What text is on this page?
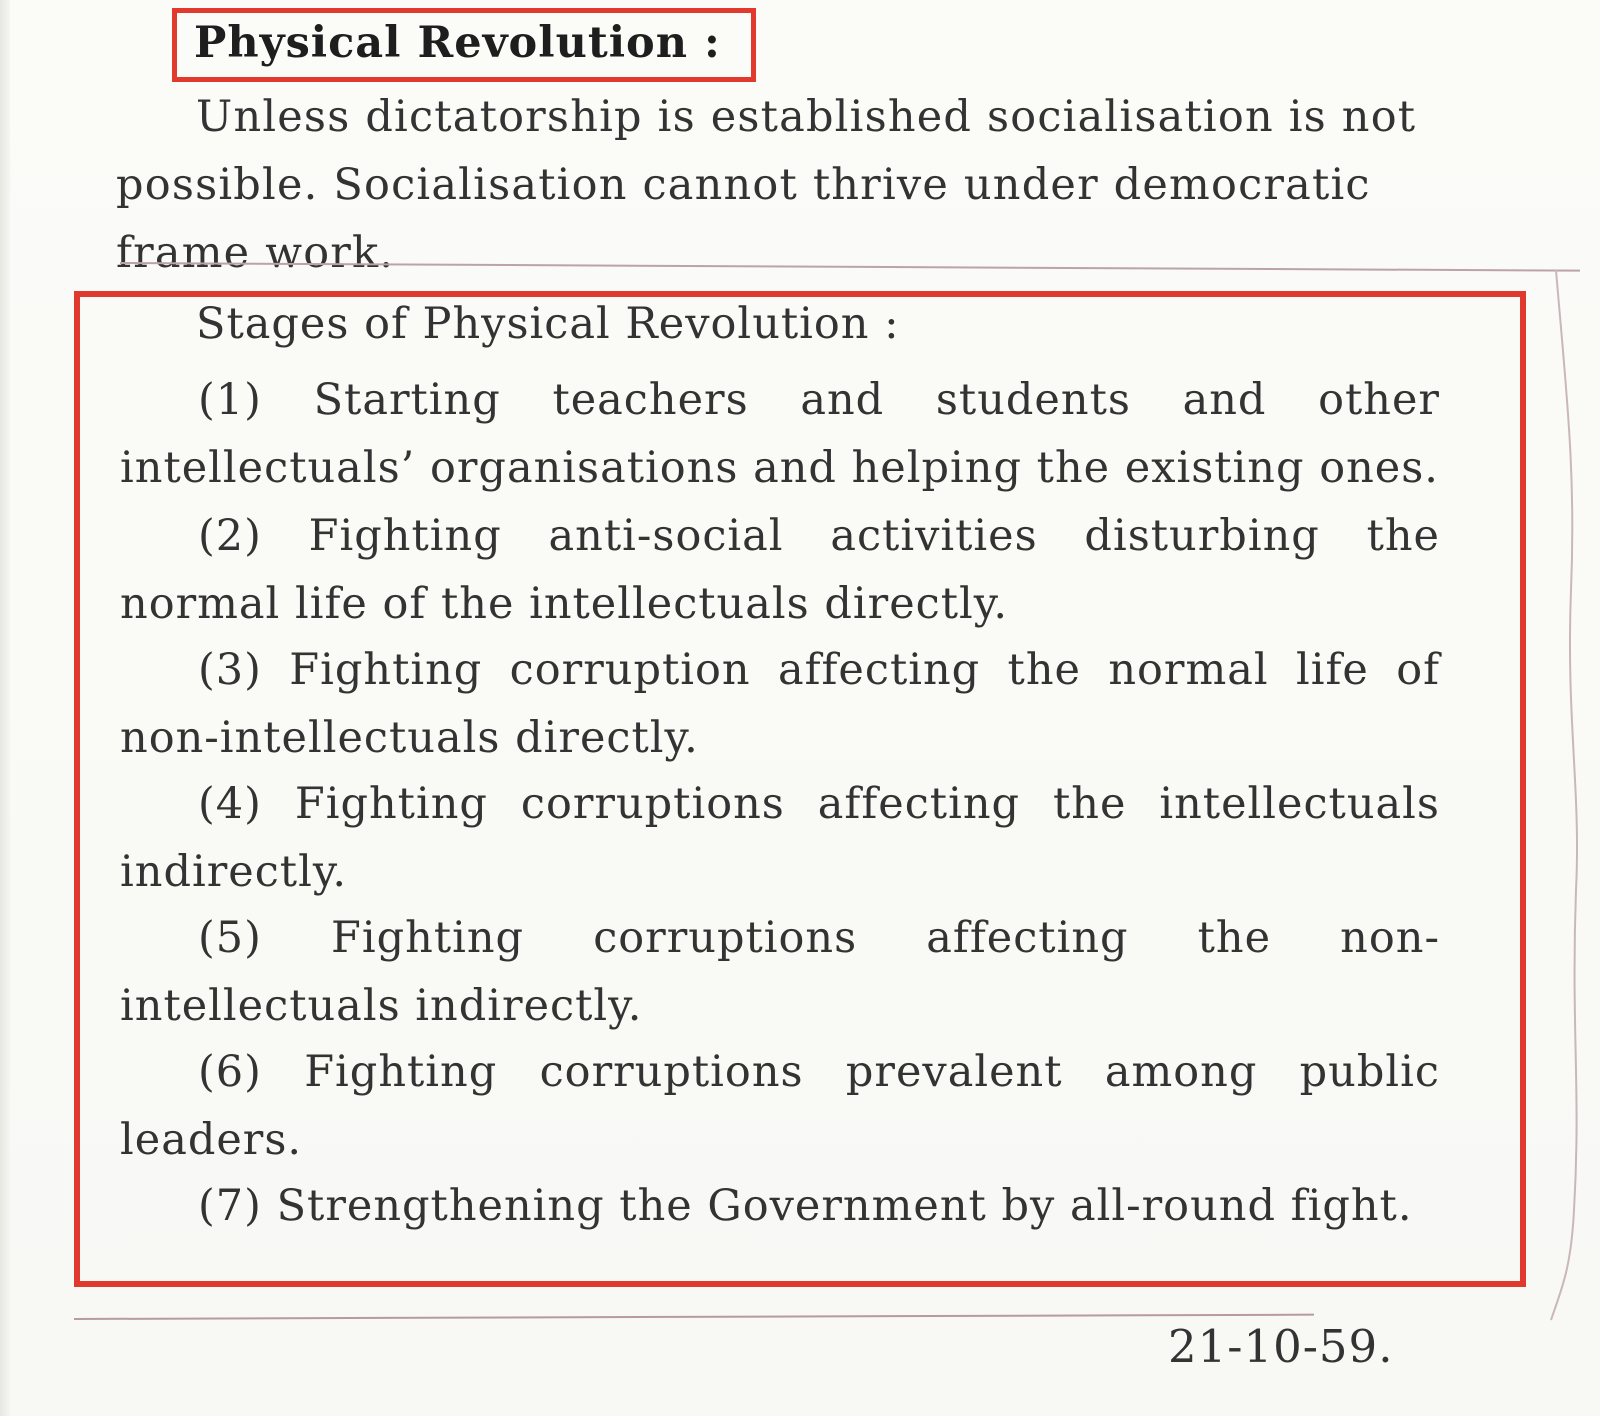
Physical Revolution :

Unless dictatorship is established socialisation is not possible. Socialisation cannot thrive under democratic frame work.

Stages of Physical Revolution :

(1) Starting teachers and students and other intellectuals’ organisations and helping the existing ones.

(2) Fighting anti-social activities disturbing the normal life of the intellectuals directly.

(3) Fighting corruption affecting the normal life of non-intellectuals directly.

(4) Fighting corruptions affecting the intellectuals indirectly.

(5) Fighting corruptions affecting the non-intellectuals indirectly.

(6) Fighting corruptions prevalent among public leaders.

(7) Strengthening the Government by all-round fight.

21-10-59.
